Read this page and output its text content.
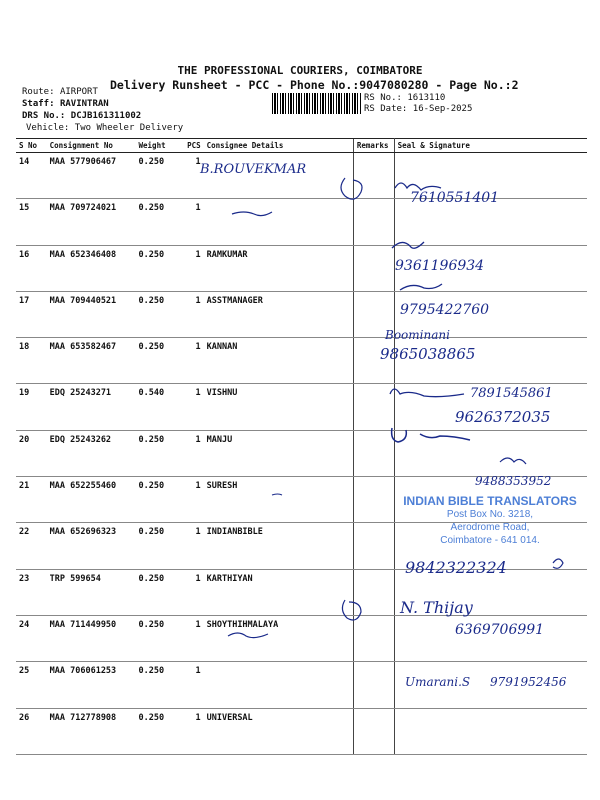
THE PROFESSIONAL COURIERS, COIMBATORE
Delivery Runsheet - PCC - Phone No.:9047080280 - Page No.:2
Route: AIRPORT
Staff: RAVINTRAN
DRS No.: DCJB161311002
Vehicle: Two Wheeler Delivery
RS No.: 1613110
RS Date: 16-Sep-2025
S No	Consignment No	Weight	PCS	Consignee Details	Remarks	Seal & Signature
14	MAA 577906467	0.250	1			
15	MAA 709724021	0.250	1			
16	MAA 652346408	0.250	1	RAMKUMAR		
17	MAA 709440521	0.250	1	ASSTMANAGER		
18	MAA 653582467	0.250	1	KANNAN		
19	EDQ 25243271	0.540	1	VISHNU		
20	EDQ 25243262	0.250	1	MANJU		
21	MAA 652255460	0.250	1	SURESH		
22	MAA 652696323	0.250	1	INDIANBIBLE		
23	TRP 599654	0.250	1	KARTHIYAN		
24	MAA 711449950	0.250	1	SHOYTHIHMALAYA		
25	MAA 706061253	0.250	1			
26	MAA 712778908	0.250	1	UNIVERSAL		
B.ROUVEKMAR
7610551401
9361196934
9795422760
Boominani
9865038865
7891545861
9626372035
9488353952
9842322324
N. Thijay
6369706991
Umarani.S 9791952456
INDIAN BIBLE TRANSLATORS
Post Box No. 3218,
Aerodrome Road,
Coimbatore - 641 014.
